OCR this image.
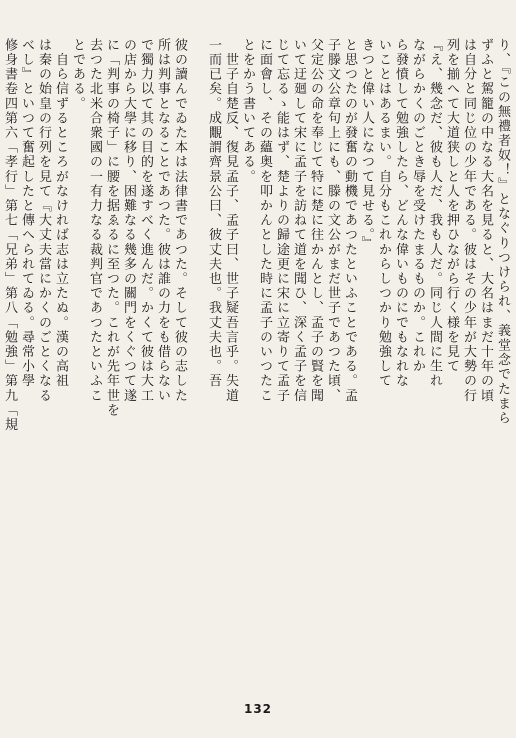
り、『この無禮者奴！』となぐりつけられ、義堂念でたまら
ずふと駕籠の中なる大名を見ると、大名はまだ十年の頃
は自分と同じ位の少年である。彼はその少年が大勢の行
列を揃へて大道狭しと人を押ひながら行く様を見て
『え、幾念だ、彼も人だ、我も人だ。同じ人間に生れ
ながらかくのごとき辱を受けたまるものか。これか
ら發憤して勉強したら、どんな偉いものにでもなれな
いことはあるまい。自分もこれからしつかり勉強して
きつと偉い人になつて見せる。』
と思つたのが發奮の動機であつたといふことである。孟
子滕文公章句上にも、滕の文公がまだ世子であつた頃、
父定公の命を奉じて特に楚に往かんとし、孟子の賢を聞
いて迂廻して宋に孟子を訪ねて道を聞ひ、深く孟子を信
じて忘るゝ能はず、楚よりの歸途更に宋に立寄りて孟子
に面會し、その蘊奥を叩かんとした時に孟子のいつたこ
とをかう書いてある。
　世子自楚反、復見孟子、孟子曰、世子疑吾言乎。失道
一而已矣。成覵謂齊景公曰、彼丈夫也。我丈夫也。吾
彼の讀んでゐた本は法律書であつた。そして彼の志した
所は判事となることであつた。彼は誰の力をも借らない
で獨力以て其の目的を遂すべく進んだ。かくて彼は大工
の店から大學に移り、困難なる幾多の關門をくぐつて遂
に「判事の椅子」に腰を据ゑるに至つた。これが先年世を
去つた北米合衆國の一有力なる裁判官であつたといふこ
とである。
　自ら信ずるところがなければ志は立たぬ。漢の高祖
は秦の始皇の行列を見て『大丈夫當にかくのごとくなる
べし』といつて奮起したと傳へられてゐる。尋常小學
修身書卷四第六「孝行」第七「兄弟」第八「勉強」第九「規
132
